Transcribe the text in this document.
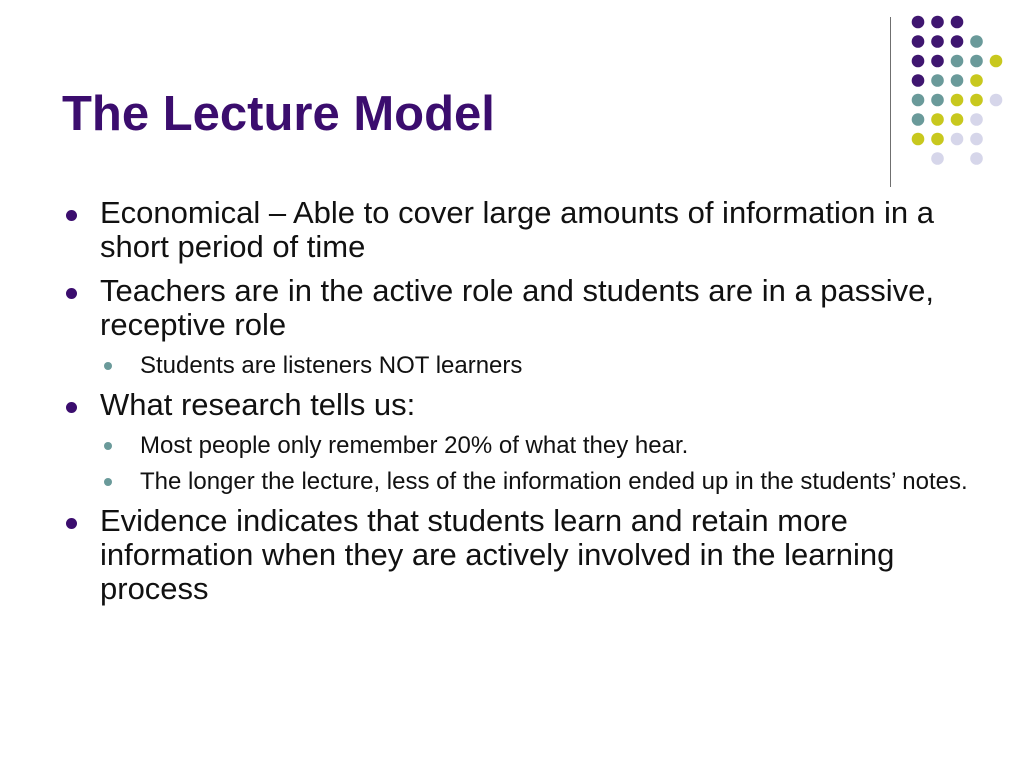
The Lecture Model
Economical – Able to cover large amounts of information in a short period of time
Teachers are in the active role and students are in a passive, receptive role
Students are listeners NOT learners
What research tells us:
Most people only remember 20% of what they hear.
The longer the lecture, less of the information ended up in the students’ notes.
Evidence indicates that students learn and retain more information when they are actively involved in the learning process
